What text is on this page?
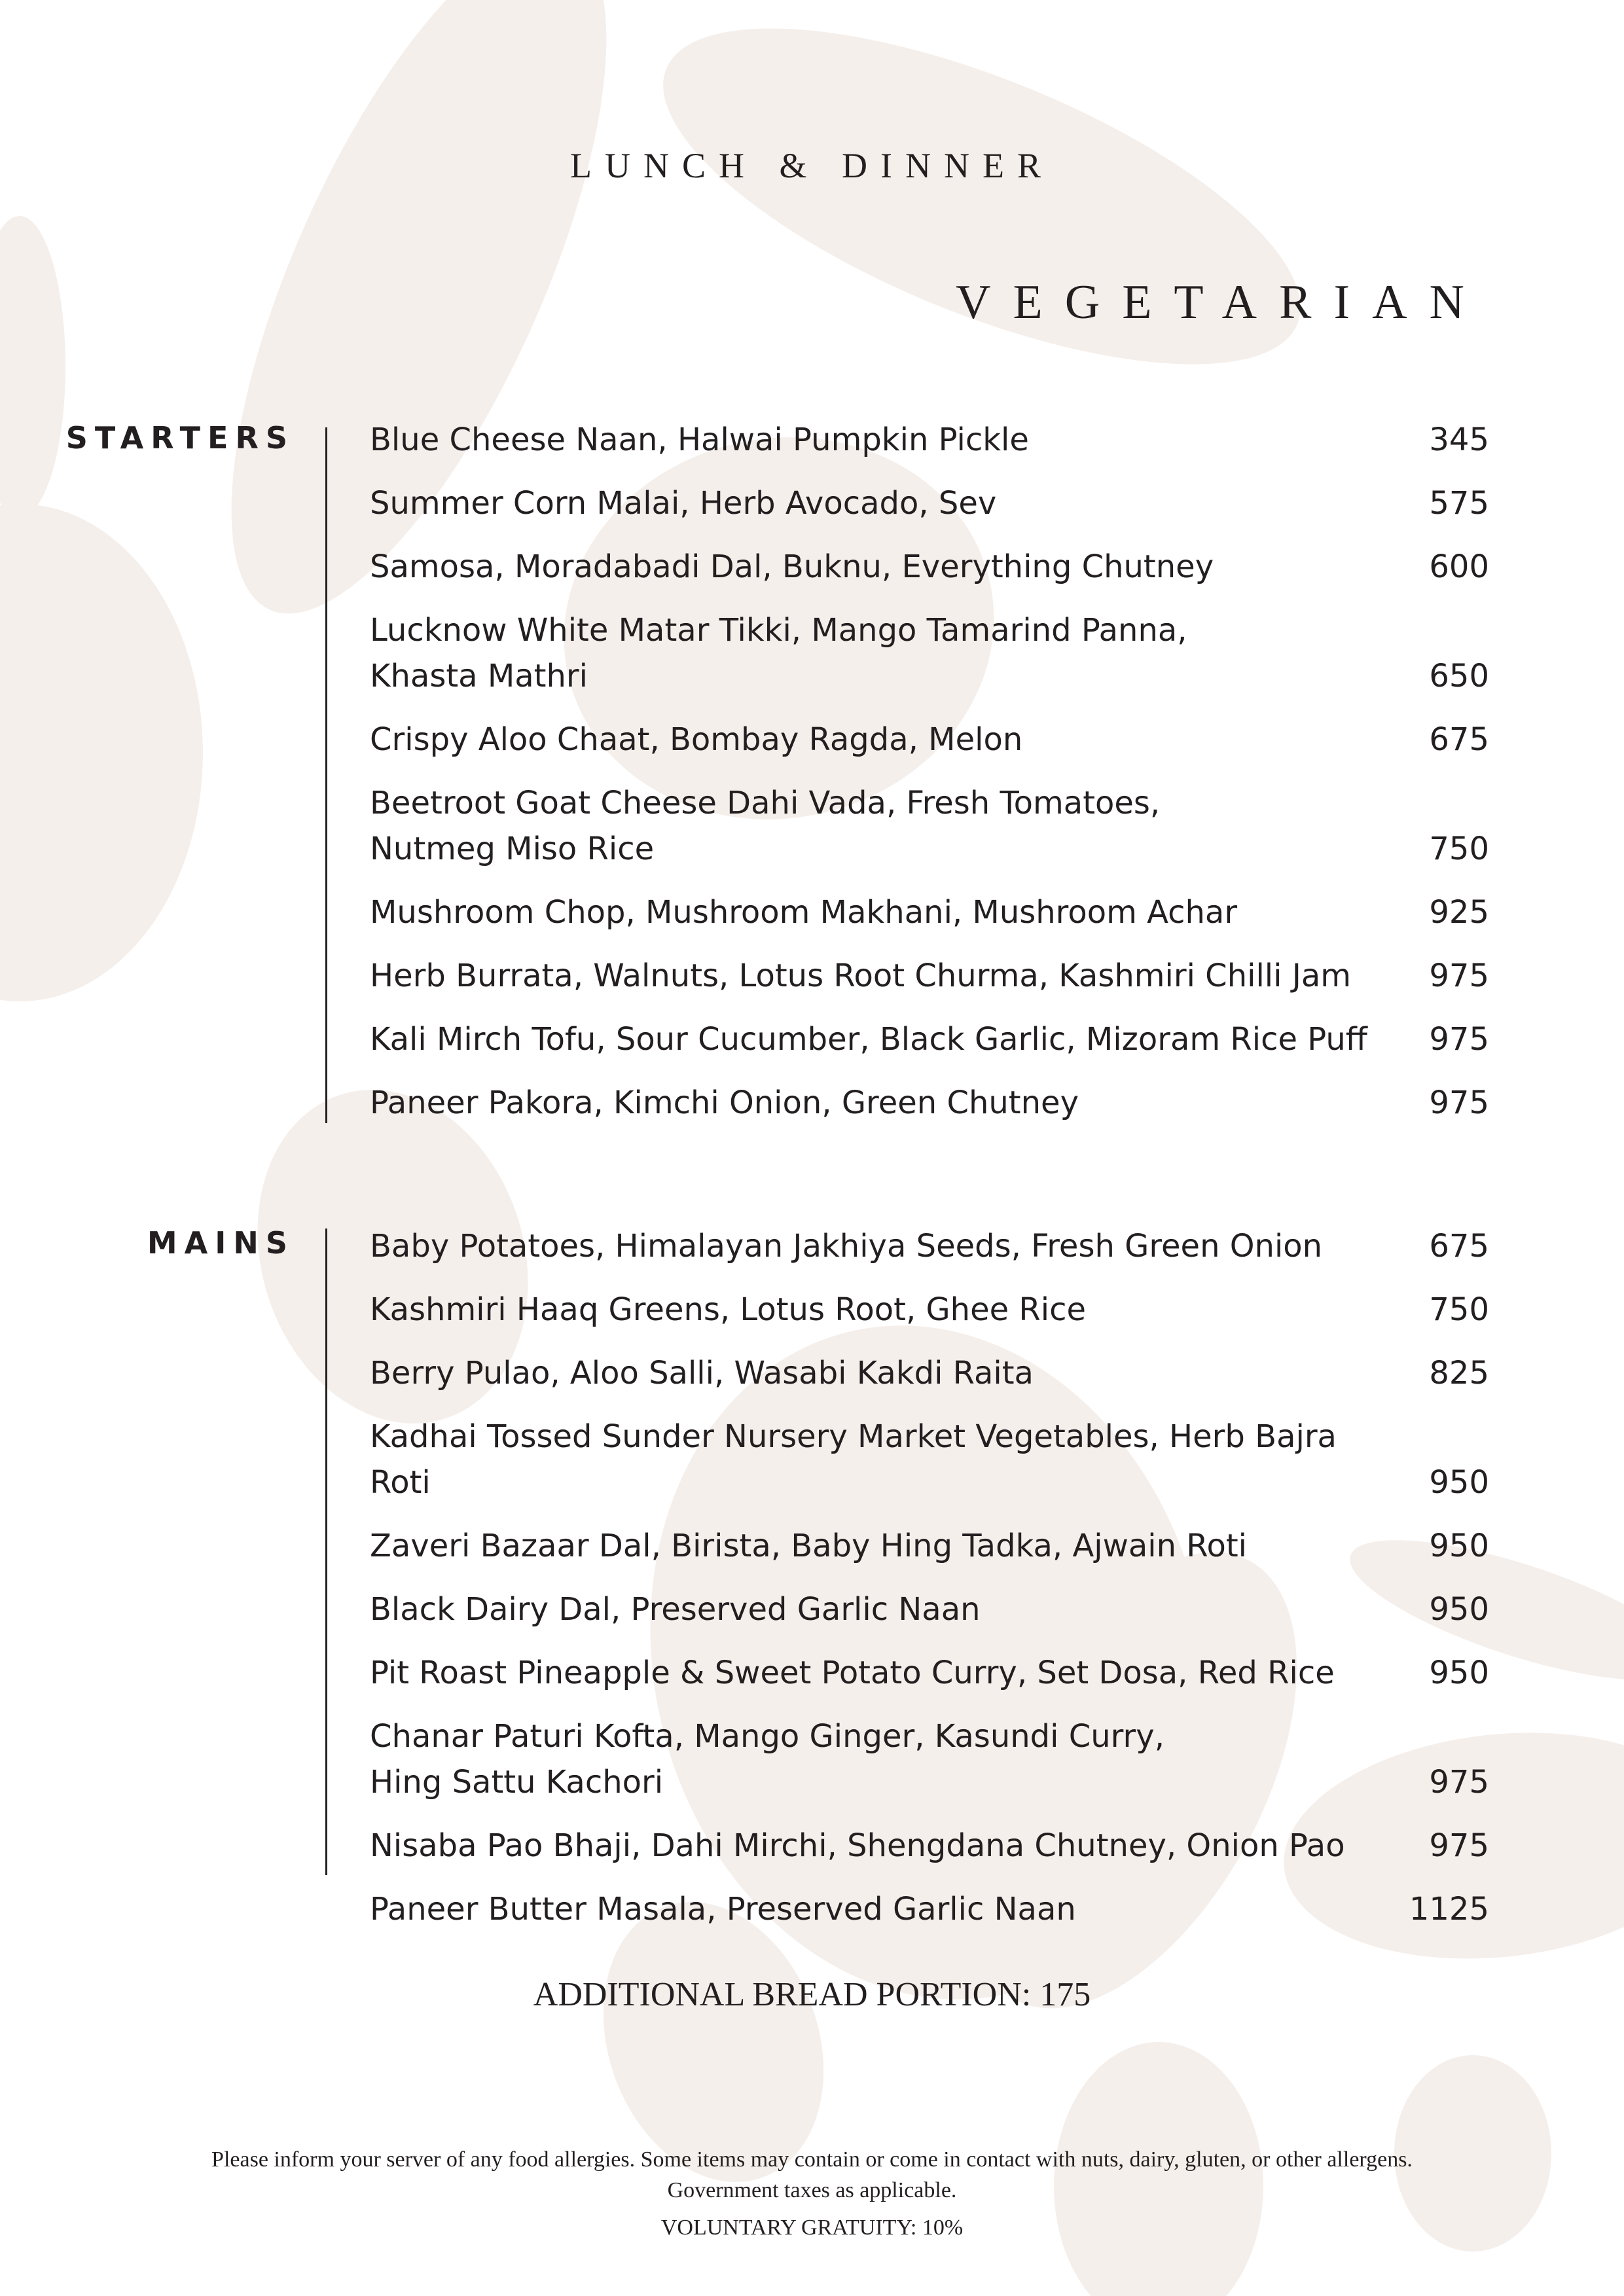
LUNCH & DINNER
VEGETARIAN
STARTERS Blue Cheese Naan, Halwai Pumpkin Pickle	345
Summer Corn Malai, Herb Avocado, Sev	575
Samosa, Moradabadi Dal, Buknu, Everything Chutney	600
Lucknow White Matar Tikki, Mango Tamarind Panna,
Khasta Mathri	650
Crispy Aloo Chaat, Bombay Ragda, Melon	675
Beetroot Goat Cheese Dahi Vada, Fresh Tomatoes,
Nutmeg Miso Rice	750
Mushroom Chop, Mushroom Makhani, Mushroom Achar	925
Herb Burrata, Walnuts, Lotus Root Churma, Kashmiri Chilli Jam	975
Kali Mirch Tofu, Sour Cucumber, Black Garlic, Mizoram Rice Puff	975
Paneer Pakora, Kimchi Onion, Green Chutney	975
MAINS Baby Potatoes, Himalayan Jakhiya Seeds, Fresh Green Onion	675
Kashmiri Haaq Greens, Lotus Root, Ghee Rice	750
Berry Pulao, Aloo Salli, Wasabi Kakdi Raita	825
Kadhai Tossed Sunder Nursery Market Vegetables, Herb Bajra Roti	950
Zaveri Bazaar Dal, Birista, Baby Hing Tadka, Ajwain Roti	950
Black Dairy Dal, Preserved Garlic Naan	950
Pit Roast Pineapple & Sweet Potato Curry, Set Dosa, Red Rice	950
Chanar Paturi Kofta, Mango Ginger, Kasundi Curry,
Hing Sattu Kachori	975
Nisaba Pao Bhaji, Dahi Mirchi, Shengdana Chutney, Onion Pao	975
Paneer Butter Masala, Preserved Garlic Naan	1125
ADDITIONAL BREAD PORTION: 175
Please inform your server of any food allergies. Some items may contain or come in contact with nuts, dairy, gluten, or other allergens.
Government taxes as applicable.
VOLUNTARY GRATUITY: 10%
